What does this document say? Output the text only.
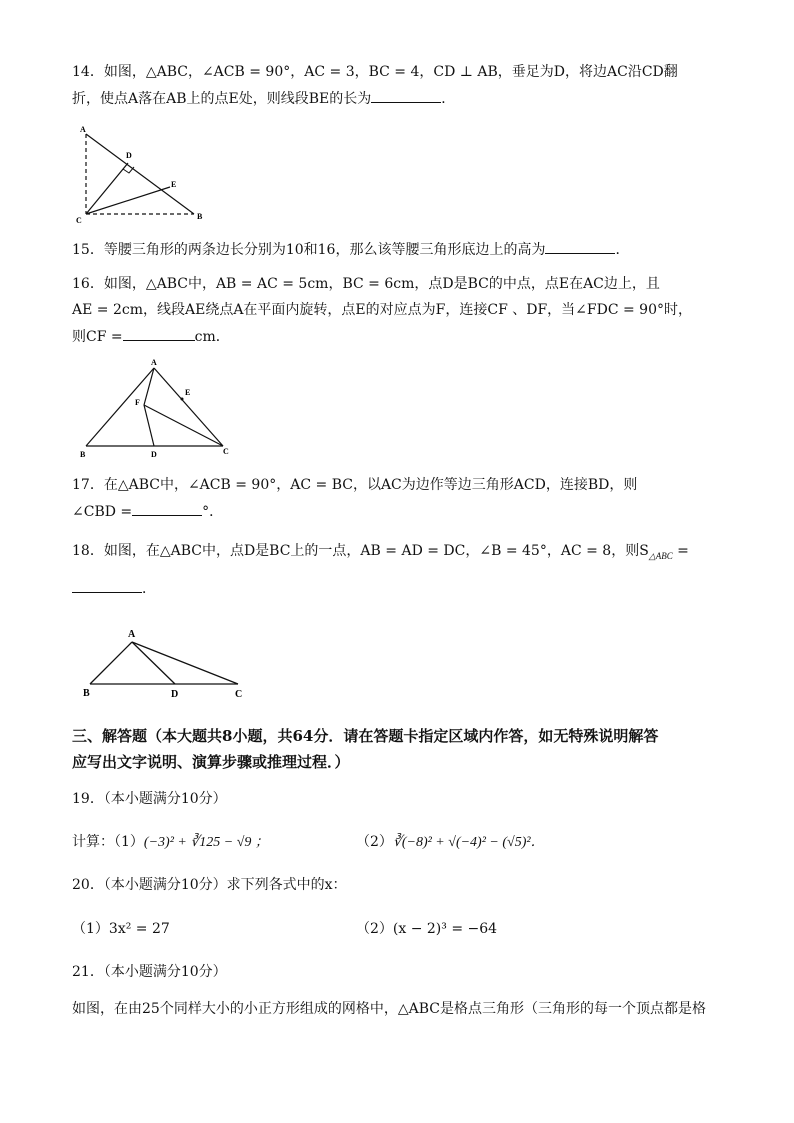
14．如图，△ABC，∠ACB = 90°，AC = 3，BC = 4，CD ⊥ AB，垂足为D，将边AC沿CD翻
折，使点A落在AB上的点E处，则线段BE的长为	．
A
D
E
C	B
15．等腰三角形的两条边长分别为10和16，那么该等腰三角形底边上的高为	．
16．如图，△ABC中，AB = AC = 5cm，BC = 6cm，点D是BC的中点，点E在AC边上，且
AE = 2cm，线段AE绕点A在平面内旋转，点E的对应点为F，连接CF 、DF，当∠FDC = 90°时，
则CF =	cm．
A
E
F
B	D	C
17．在△ABC中，∠ACB = 90°，AC = BC，以AC为边作等边三角形ACD，连接BD，则
∠CBD =	°．
18．如图，在△ABC中，点D是BC上的一点，AB = AD = DC，∠B = 45°，AC = 8，则$S_{\triangle ABC}$ =
．
A
B	D	C
三、解答题（本大题共8小题，共64分．请在答题卡指定区域内作答，如无特殊说明解答
应写出文字说明、演算步骤或推理过程．）
19．（本小题满分10分）
计算：（1）(−3)² + ∛125 − √9 ；	（2）∛(−8)² + √(−4)² − (√5)²．
20．（本小题满分10分）求下列各式中的x：
（1）3x² = 27	（2）(x − 2)³ = −64
21．（本小题满分10分）
如图，在由25个同样大小的小正方形组成的网格中，△ABC是格点三角形（三角形的每一个顶点都是格
